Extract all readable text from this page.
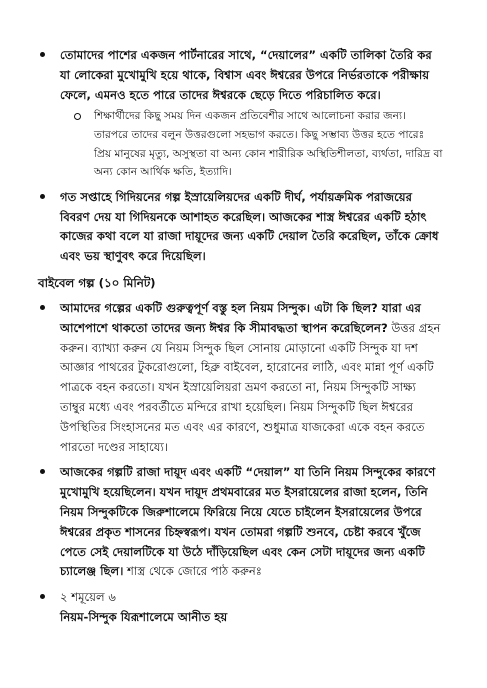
তোমাদের পাশের একজন পার্টনারের সাথে, “দেয়ালের” একটি তালিকা তৈরি কর যা লোকেরা মুখোমুখি হয়ে থাকে, বিশ্বাস এবং ঈশ্বরের উপরে নির্ভরতাকে পরীক্ষায় ফেলে, এমনও হতে পারে তাদের ঈশ্বরকে ছেড়ে দিতে পরিচালিত করে।

শিক্ষার্থীদের কিছু সময় দিন একজন প্রতিবেশীর সাথে আলোচনা করার জন্য। তারপরে তাদের বলুন উত্তরগুলো সহভাগ করতে। কিছু সম্ভাব্য উত্তর হতে পারেঃ প্রিয় মানুষের মৃত্যু, অসুস্থতা বা অন্য কোন শারীরিক অস্থিতিশীলতা, ব্যর্থতা, দারিদ্র বা অন্য কোন আর্থিক ক্ষতি, ইত্যাদি।

গত সপ্তাহে গিদিয়নের গল্প ইস্রায়েলিয়দের একটি দীর্ঘ, পর্যায়ক্রমিক পরাজয়ের বিবরণ দেয় যা গিদিয়নকে আশাহত করেছিল। আজকের শাস্ত্র ঈশ্বরের একটি হঠাৎ কাজের কথা বলে যা রাজা দায়ূদের জন্য একটি দেয়াল তৈরি করেছিল, তাঁকে ক্রোধ এবং ভয় স্থাণুবৎ করে দিয়েছিল।

বাইবেল গল্প (১০ মিনিট)

আমাদের গল্পের একটি গুরুত্বপূর্ণ বস্তু হল নিয়ম সিন্দুক। এটা কি ছিল? যারা এর আশেপাশে থাকতো তাদের জন্য ঈশ্বর কি সীমাবদ্ধতা স্থাপন করেছিলেন? উত্তর গ্রহন করুন। ব্যাখ্যা করুন যে নিয়ম সিন্দুক ছিল সোনায় মোড়ানো একটি সিন্দুক যা দশ আজ্ঞার পাথরের টুকরোগুলো, হিব্রু বাইবেল, হারোনের লাঠি, এবং মান্না পূর্ণ একটি পাত্রকে বহন করতো। যখন ইস্রায়েলিয়রা ভ্রমণ করতো না, নিয়ম সিন্দুকটি সাক্ষ্য তাম্বুর মধ্যে এবং পরবর্তীতে মন্দিরে রাখা হয়েছিল। নিয়ম সিন্দুকটি ছিল ঈশ্বরের উপস্থিতির সিংহাসনের মত এবং এর কারণে, শুধুমাত্র যাজকেরা একে বহন করতে পারতো দণ্ডের সাহায্যে।

আজকের গল্পটি রাজা দায়ূদ এবং একটি “দেয়াল” যা তিনি নিয়ম সিন্দুকের কারণে মুখোমুখি হয়েছিলেন। যখন দায়ূদ প্রথমবারের মত ইসরায়েলের রাজা হলেন, তিনি নিয়ম সিন্দুকটিকে জিরুশালেমে ফিরিয়ে নিয়ে যেতে চাইলেন ইসরায়েলের উপরে ঈশ্বরের প্রকৃত শাসনের চিহ্নস্বরূপ। যখন তোমরা গল্পটি শুনবে, চেষ্টা করবে খুঁজে পেতে সেই দেয়ালটিকে যা উঠে দাঁড়িয়েছিল এবং কেন সেটা দায়ূদের জন্য একটি চ্যালেঞ্জ ছিল। শাস্ত্র থেকে জোরে পাঠ করুনঃ

২ শমূয়েল ৬

নিয়ম-সিন্দুক যিরূশালেমে আনীত হয়
